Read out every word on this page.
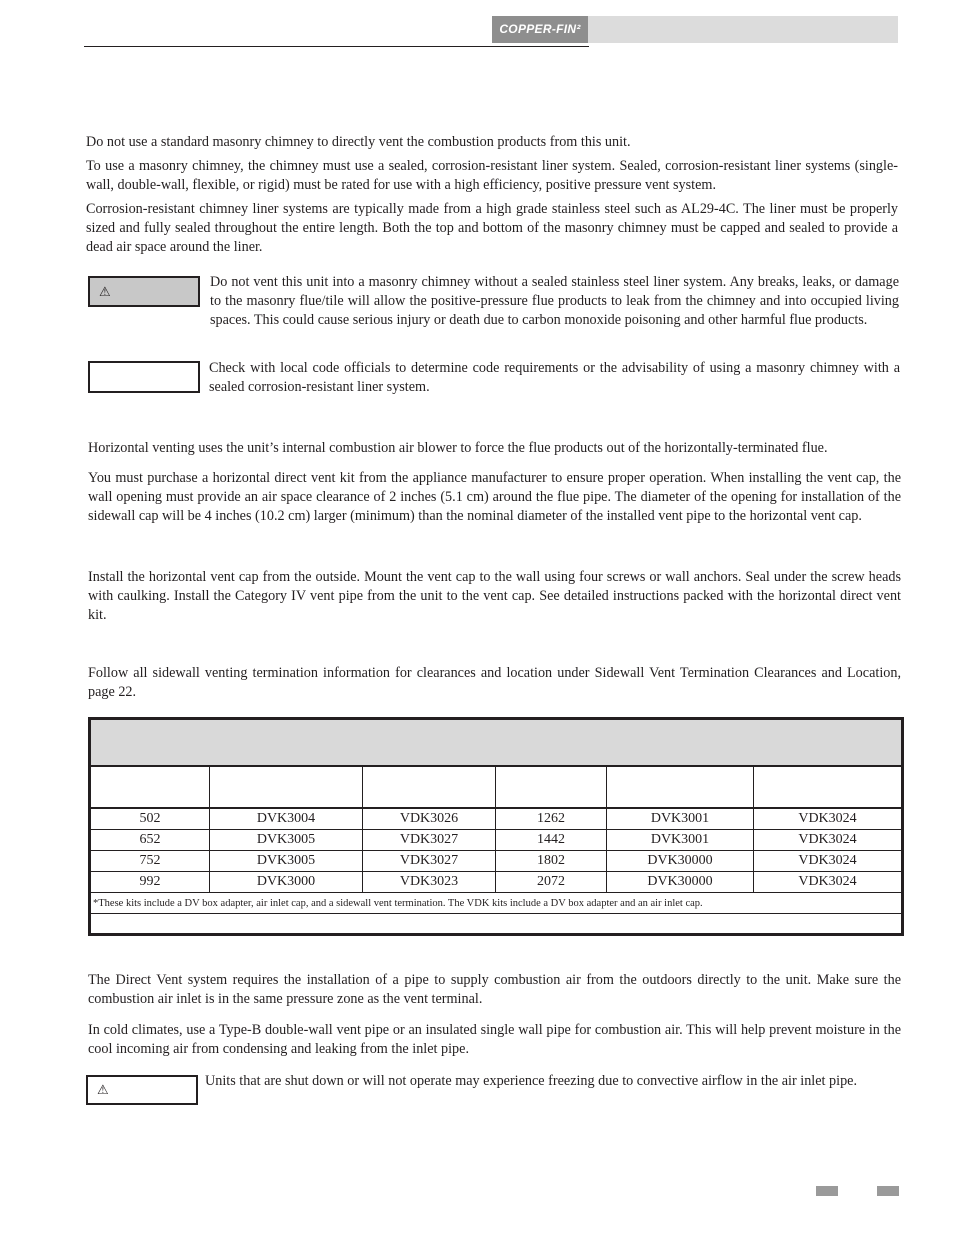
COPPER-FIN²

Do not use a standard masonry chimney to directly vent the combustion products from this unit.

To use a masonry chimney, the chimney must use a sealed, corrosion-resistant liner system. Sealed, corrosion-resistant liner systems (single-wall, double-wall, flexible, or rigid) must be rated for use with a high efficiency, positive pressure vent system.

Corrosion-resistant chimney liner systems are typically made from a high grade stainless steel such as AL29-4C. The liner must be properly sized and fully sealed throughout the entire length. Both the top and bottom of the masonry chimney must be capped and sealed to provide a dead air space around the liner.

⚠

Do not vent this unit into a masonry chimney without a sealed stainless steel liner system. Any breaks, leaks, or damage to the masonry flue/tile will allow the positive-pressure flue products to leak from the chimney and into occupied living spaces. This could cause serious injury or death due to carbon monoxide poisoning and other harmful flue products.

Check with local code officials to determine code requirements or the advisability of using a masonry chimney with a sealed corrosion-resistant liner system.

Horizontal venting uses the unit’s internal combustion air blower to force the flue products out of the horizontally-terminated flue.

You must purchase a horizontal direct vent kit from the appliance manufacturer to ensure proper operation. When installing the vent cap, the wall opening must provide an air space clearance of 2 inches (5.1 cm) around the flue pipe. The diameter of the opening for installation of the sidewall cap will be 4 inches (10.2 cm) larger (minimum) than the nominal diameter of the installed vent pipe to the horizontal vent cap.

Install the horizontal vent cap from the outside. Mount the vent cap to the wall using four screws or wall anchors. Seal under the screw heads with caulking. Install the Category IV vent pipe from the unit to the vent cap. See detailed instructions packed with the horizontal direct vent kit.

Follow all sidewall venting termination information for clearances and location under Sidewall Vent Termination Clearances and Location, page 22.

502	DVK3004	VDK3026	1262	DVK3001	VDK3024
652	DVK3005	VDK3027	1442	DVK3001	VDK3024
752	DVK3005	VDK3027	1802	DVK30000	VDK3024
992	DVK3000	VDK3023	2072	DVK30000	VDK3024
*These kits include a DV box adapter, air inlet cap, and a sidewall vent termination. The VDK kits include a DV box adapter and an air inlet cap.					

The Direct Vent system requires the installation of a pipe to supply combustion air from the outdoors directly to the unit. Make sure the combustion air inlet is in the same pressure zone as the vent terminal.

In cold climates, use a Type-B double-wall vent pipe or an insulated single wall pipe for combustion air. This will help prevent moisture in the cool incoming air from condensing and leaking from the inlet pipe.

⚠

Units that are shut down or will not operate may experience freezing due to convective airflow in the air inlet pipe.
